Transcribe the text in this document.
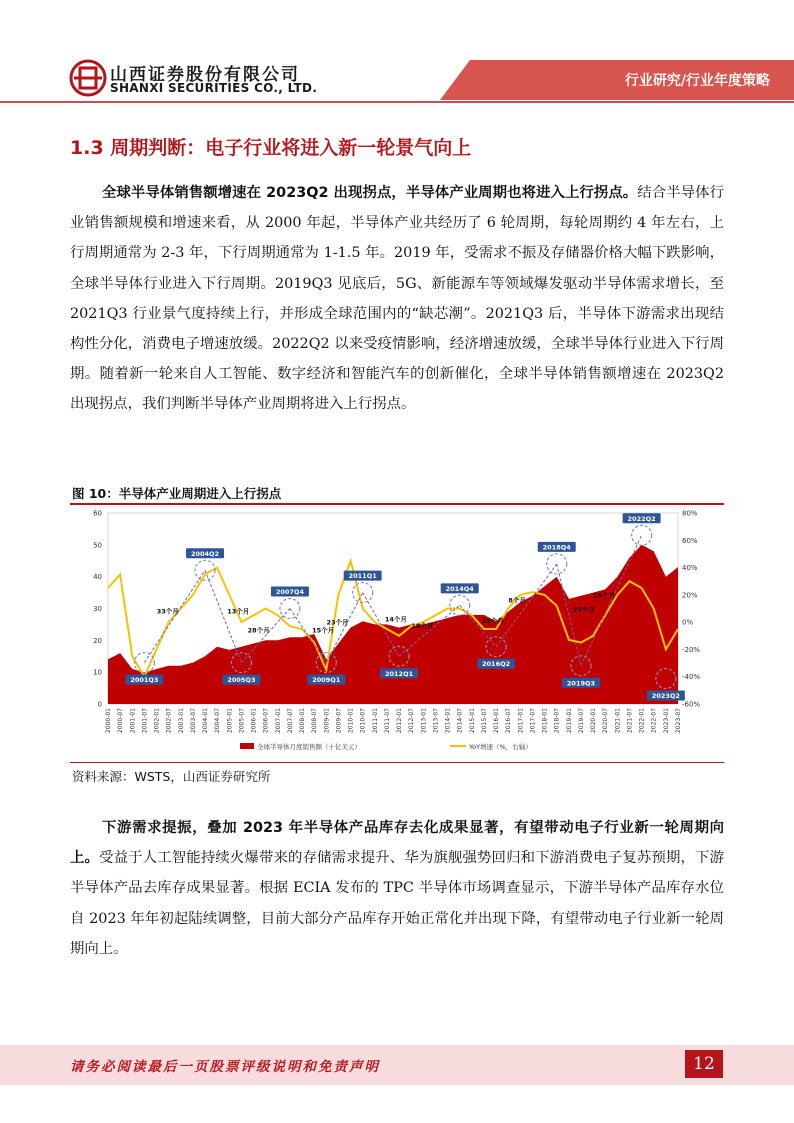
山西证券股份有限公司
SHANXI SECURITIES CO., LTD.	行业研究/行业年度策略
1.3 周期判断：电子行业将进入新一轮景气向上
全球半导体销售额增速在 2023Q2 出现拐点，半导体产业周期也将进入上行拐点。结合半导体行业销售额规模和增速来看，从 2000 年起，半导体产业共经历了 6 轮周期，每轮周期约 4 年左右，上行周期通常为 2-3 年，下行周期通常为 1-1.5 年。2019 年，受需求不振及存储器价格大幅下跌影响，全球半导体行业进入下行周期。2019Q3 见底后，5G、新能源车等领域爆发驱动半导体需求增长，至 2021Q3 行业景气度持续上行，并形成全球范围内的“缺芯潮”。2021Q3 后，半导体下游需求出现结构性分化，消费电子增速放缓。2022Q2 以来受疫情影响，经济增速放缓，全球半导体行业进入下行周期。随着新一轮来自人工智能、数字经济和智能汽车的创新催化，全球半导体销售额增速在 2023Q2 出现拐点，我们判断半导体产业周期将进入上行拐点。
图 10：半导体产业周期进入上行拐点
0
10
20
30
40
50
60
-60%
-40%
-20%
0%
20%
40%
60%
80%
2000-01 2000-07 2001-01 2001-07 2002-01 2002-07 2003-01 2003-07 2004-01 2004-07 2005-01 2005-07 2006-01 2006-07 2007-01 2007-07 2008-01 2008-07 2009-01 2009-07 2010-01 2010-07 2011-01 2011-07 2012-01 2012-07 2013-01 2013-07 2014-01 2014-07 2015-01 2015-07 2016-01 2016-07 2017-01 2017-07 2018-01 2018-07 2019-01 2019-07 2020-01 2020-07 2021-01 2021-07 2022-01 2022-07 2023-01 2023-07
2001Q3	2005Q3	2009Q1
2012Q1
2016Q2
2019Q3
2023Q2
2004Q2
2007Q4
2011Q1
2014Q4
2018Q4
2022Q2
33个月	13个月
28个月	15个月
23个月	14个月
18个月
29个月
8个月
35个月
15个月
全球半导体月度销售额（十亿美元）	YoY增速（%，右轴）
资料来源：WSTS，山西证券研究所
下游需求提振，叠加 2023 年半导体产品库存去化成果显著，有望带动电子行业新一轮周期向上。受益于人工智能持续火爆带来的存储需求提升、华为旗舰强势回归和下游消费电子复苏预期，下游半导体产品去库存成果显著。根据 ECIA 发布的 TPC 半导体市场调查显示，下游半导体产品库存水位自 2023 年年初起陆续调整，目前大部分产品库存开始正常化并出现下降，有望带动电子行业新一轮周期向上。
请务必阅读最后一页股票评级说明和免责声明	12
